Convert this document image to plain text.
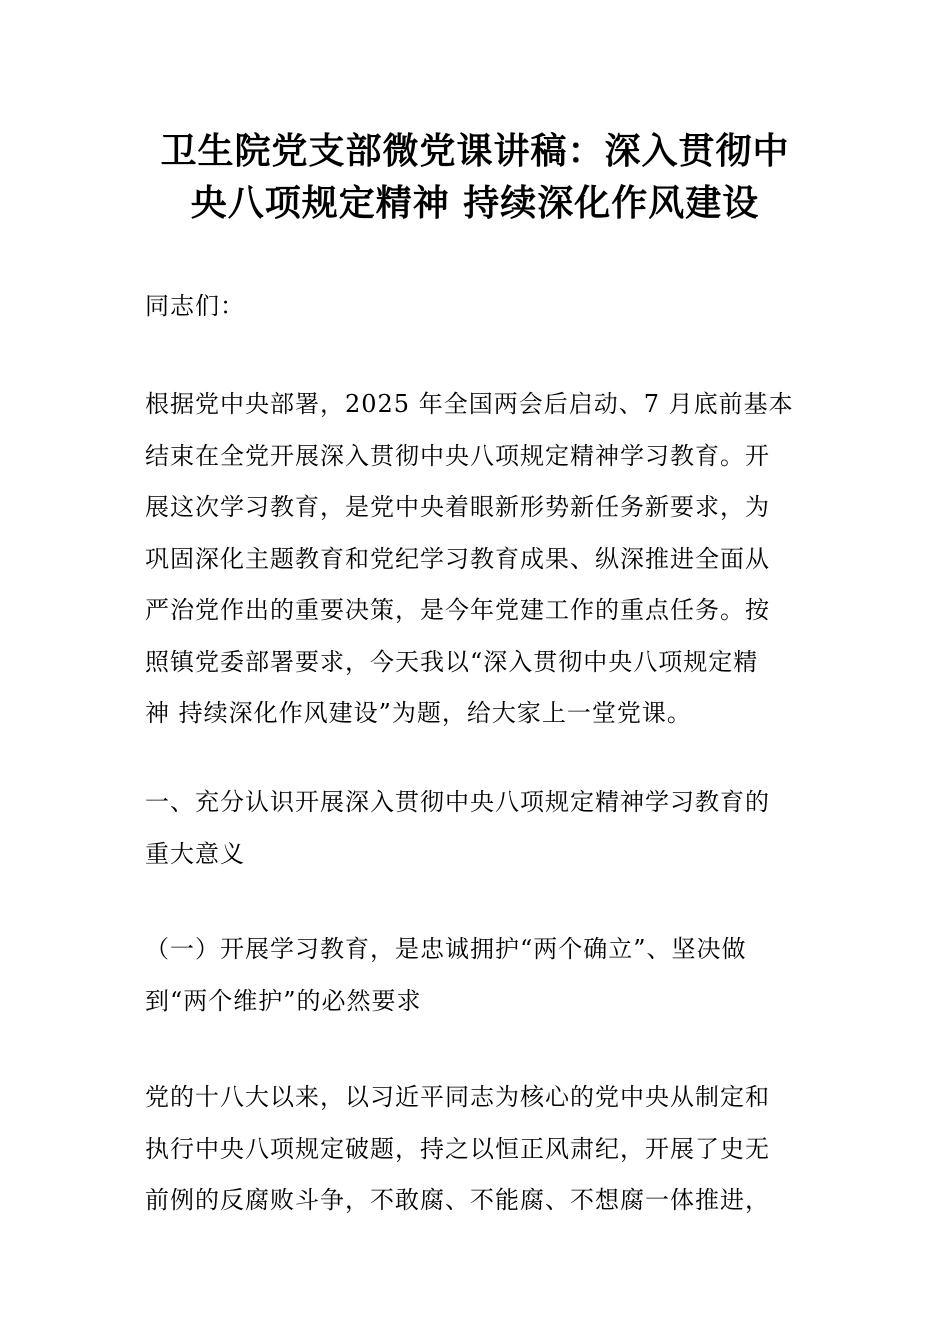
卫生院党支部微党课讲稿：深入贯彻中
央八项规定精神 持续深化作风建设

同志们：

根据党中央部署，2025 年全国两会后启动、7 月底前基本
结束在全党开展深入贯彻中央八项规定精神学习教育。开
展这次学习教育，是党中央着眼新形势新任务新要求，为
巩固深化主题教育和党纪学习教育成果、纵深推进全面从
严治党作出的重要决策，是今年党建工作的重点任务。按
照镇党委部署要求，今天我以“深入贯彻中央八项规定精
神 持续深化作风建设”为题，给大家上一堂党课。

一、充分认识开展深入贯彻中央八项规定精神学习教育的
重大意义

（一）开展学习教育，是忠诚拥护“两个确立”、坚决做
到“两个维护”的必然要求

党的十八大以来，以习近平同志为核心的党中央从制定和
执行中央八项规定破题，持之以恒正风肃纪，开展了史无
前例的反腐败斗争，不敢腐、不能腐、不想腐一体推进，
